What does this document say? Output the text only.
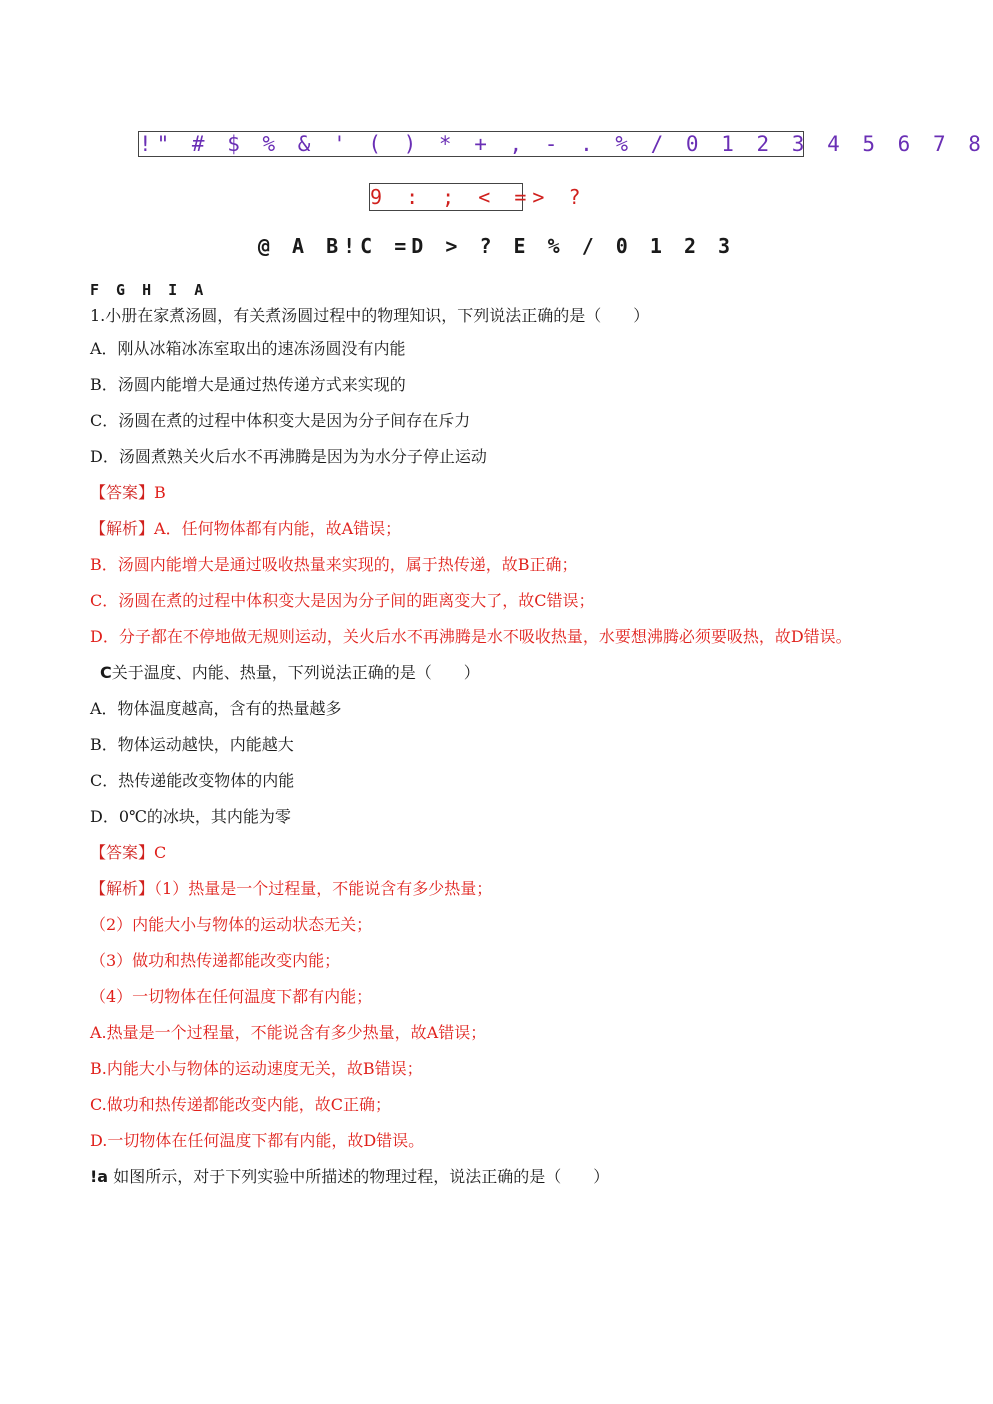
!" # $ % & ' ( ) * + , - . % / 0 1 2 3 4 5 6 7 8
9 : ; < => ?
@ A B!C =D > ? E % / 0 1 2 3
F G H I A
1.小册在家煮汤圆，有关煮汤圆过程中的物理知识，下列说法正确的是（　　）
A．刚从冰箱冰冻室取出的速冻汤圆没有内能
B．汤圆内能增大是通过热传递方式来实现的
C．汤圆在煮的过程中体积变大是因为分子间存在斥力
D．汤圆煮熟关火后水不再沸腾是因为为水分子停止运动
【答案】B
【解析】A．任何物体都有内能，故A错误；
B．汤圆内能增大是通过吸收热量来实现的，属于热传递，故B正确；
C．汤圆在煮的过程中体积变大是因为分子间的距离变大了，故C错误；
D．分子都在不停地做无规则运动，关火后水不再沸腾是水不吸收热量，水要想沸腾必须要吸热，故D错误。
C关于温度、内能、热量，下列说法正确的是（　　）
A．物体温度越高，含有的热量越多
B．物体运动越快，内能越大
C．热传递能改变物体的内能
D．0℃的冰块，其内能为零
【答案】C
【解析】（1）热量是一个过程量，不能说含有多少热量；
（2）内能大小与物体的运动状态无关；
（3）做功和热传递都能改变内能；
（4）一切物体在任何温度下都有内能；
A.热量是一个过程量，不能说含有多少热量，故A错误；
B.内能大小与物体的运动速度无关，故B错误；
C.做功和热传递都能改变内能，故C正确；
D.一切物体在任何温度下都有内能，故D错误。
!a 如图所示，对于下列实验中所描述的物理过程，说法正确的是（　　）
